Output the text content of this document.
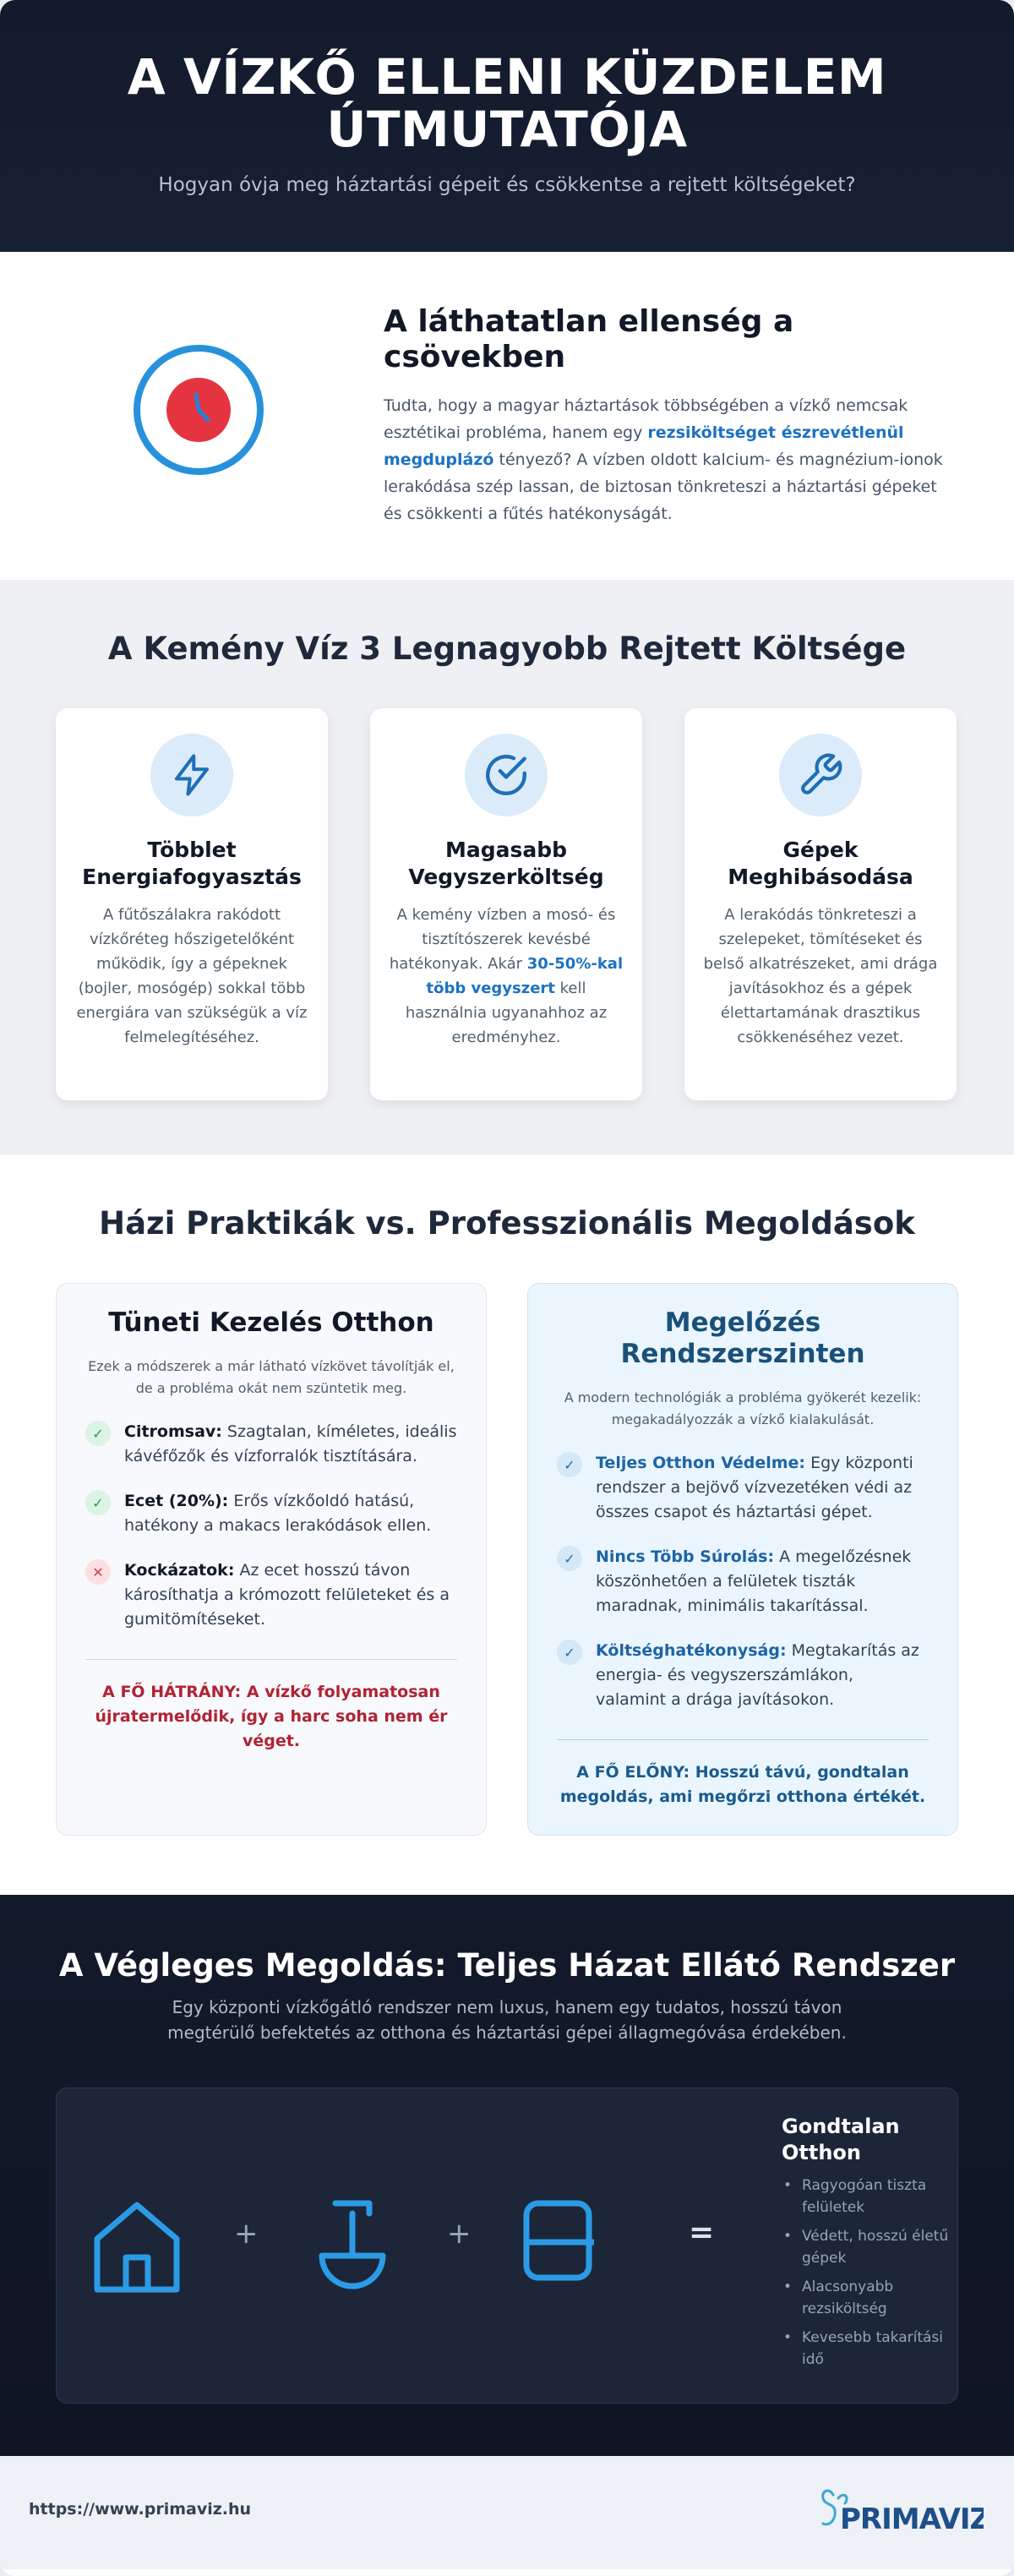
A VÍZKŐ ELLENI KÜZDELEM ÚTMUTATÓJA

Hogyan óvja meg háztartási gépeit és csökkentse a rejtett költségeket?

A láthatatlan ellenség a csövekben

Tudta, hogy a magyar háztartások többségében a vízkő nemcsak esztétikai probléma, hanem egy rezsiköltséget észrevétlenül megduplázó tényező? A vízben oldott kalcium- és magnézium-ionok lerakódása szép lassan, de biztosan tönkreteszi a háztartási gépeket és csökkenti a fűtés hatékonyságát.

A Kemény Víz 3 Legnagyobb Rejtett Költsége
Többlet Energiafogyasztás

A fűtőszálakra rakódott vízkőréteg hőszigetelőként működik, így a gépeknek (bojler, mosógép) sokkal több energiára van szükségük a víz felmelegítéséhez.

Magasabb Vegyszerköltség

A kemény vízben a mosó- és tisztítószerek kevésbé hatékonyak. Akár 30-50%-kal több vegyszert kell használnia ugyanahhoz az eredményhez.

Gépek Meghibásodása

A lerakódás tönkreteszi a szelepeket, tömítéseket és belső alkatrészeket, ami drága javításokhoz és a gépek élettartamának drasztikus csökkenéséhez vezet.

Házi Praktikák vs. Professzionális Megoldások
Tüneti Kezelés Otthon
Ezek a módszerek a már látható vízkövet távolítják el, de a probléma okát nem szüntetik meg.
✓	Citromsav: Szagtalan, kíméletes, ideális kávéfőzők és vízforralók tisztítására.
✓	Ecet (20%): Erős vízkőoldó hatású, hatékony a makacs lerakódások ellen.
✕	Kockázatok: Az ecet hosszú távon károsíthatja a krómozott felületeket és a gumitömítéseket.
A FŐ HÁTRÁNY: A vízkő folyamatosan újratermelődik, így a harc soha nem ér véget.
Megelőzés Rendszerszinten
A modern technológiák a probléma gyökerét kezelik: megakadályozzák a vízkő kialakulását.
✓	Teljes Otthon Védelme: Egy központi rendszer a bejövő vízvezetéken védi az összes csapot és háztartási gépet.
✓	Nincs Több Súrolás: A megelőzésnek köszönhetően a felületek tiszták maradnak, minimális takarítással.
✓	Költséghatékonyság: Megtakarítás az energia- és vegyszerszámlákon, valamint a drága javításokon.
A FŐ ELŐNY: Hosszú távú, gondtalan megoldás, ami megőrzi otthona értékét.
A Végleges Megoldás: Teljes Házat Ellátó Rendszer
Egy központi vízkőgátló rendszer nem luxus, hanem egy tudatos, hosszú távon megtérülő befektetés az otthona és háztartási gépei állagmegóvása érdekében.
+	+	=
Gondtalan Otthon
• Ragyogóan tiszta felületek
• Védett, hosszú életű gépek
• Alacsonyabb rezsiköltség
• Kevesebb takarítási idő
https://www.primaviz.hu	PRIMAVIZ
